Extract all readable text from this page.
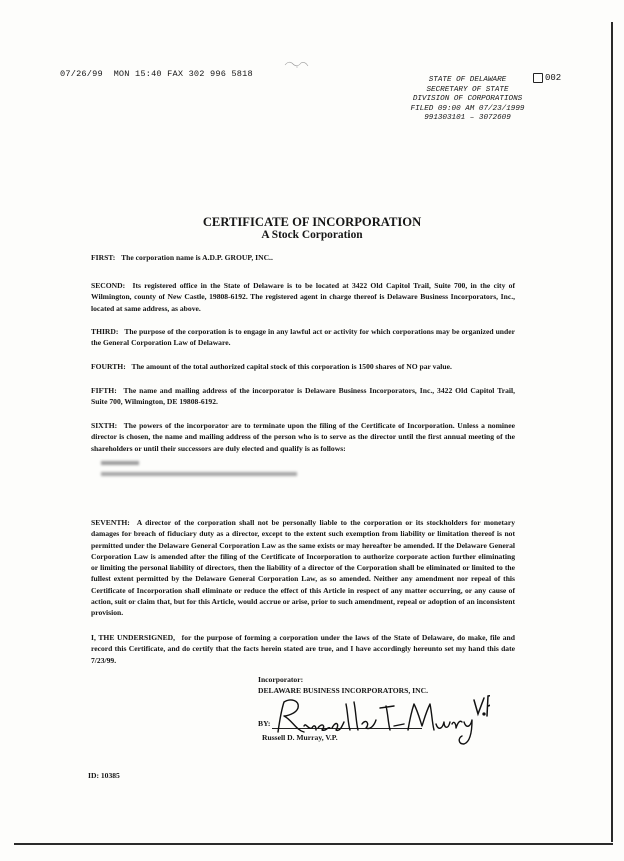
07/26/99  MON 15:40 FAX 302 996 5818	002
STATE OF DELAWARE
SECRETARY OF STATE
DIVISION OF CORPORATIONS
FILED 09:00 AM 07/23/1999
991303101 – 3072609
CERTIFICATE OF INCORPORATION
A Stock Corporation
FIRST: The corporation name is A.D.P. GROUP, INC..
SECOND: Its registered office in the State of Delaware is to be located at 3422 Old Capitol Trail, Suite 700, in the city of Wilmington, county of New Castle, 19808-6192. The registered agent in charge thereof is Delaware Business Incorporators, Inc., located at same address, as above.
THIRD: The purpose of the corporation is to engage in any lawful act or activity for which corporations may be organized under the General Corporation Law of Delaware.
FOURTH: The amount of the total authorized capital stock of this corporation is 1500 shares of NO par value.
FIFTH: The name and mailing address of the incorporator is Delaware Business Incorporators, Inc., 3422 Old Capitol Trail, Suite 700, Wilmington, DE 19808-6192.
SIXTH: The powers of the incorporator are to terminate upon the filing of the Certificate of Incorporation. Unless a nominee director is chosen, the name and mailing address of the person who is to serve as the director until the first annual meeting of the shareholders or until their successors are duly elected and qualify is as follows:
SEVENTH: A director of the corporation shall not be personally liable to the corporation or its stockholders for monetary damages for breach of fiduciary duty as a director, except to the extent such exemption from liability or limitation thereof is not permitted under the Delaware General Corporation Law as the same exists or may hereafter be amended. If the Delaware General Corporation Law is amended after the filing of the Certificate of Incorporation to authorize corporate action further eliminating or limiting the personal liability of directors, then the liability of a director of the Corporation shall be eliminated or limited to the fullest extent permitted by the Delaware General Corporation Law, as so amended. Neither any amendment nor repeal of this Certificate of Incorporation shall eliminate or reduce the effect of this Article in respect of any matter occurring, or any cause of action, suit or claim that, but for this Article, would accrue or arise, prior to such amendment, repeal or adoption of an inconsistent provision.
I, THE UNDERSIGNED, for the purpose of forming a corporation under the laws of the State of Delaware, do make, file and record this Certificate, and do certify that the facts herein stated are true, and I have accordingly hereunto set my hand this date 7/23/99.
Incorporator:
DELAWARE BUSINESS INCORPORATORS, INC.
BY:
Russell D. Murray, V.P.
ID: 10385
